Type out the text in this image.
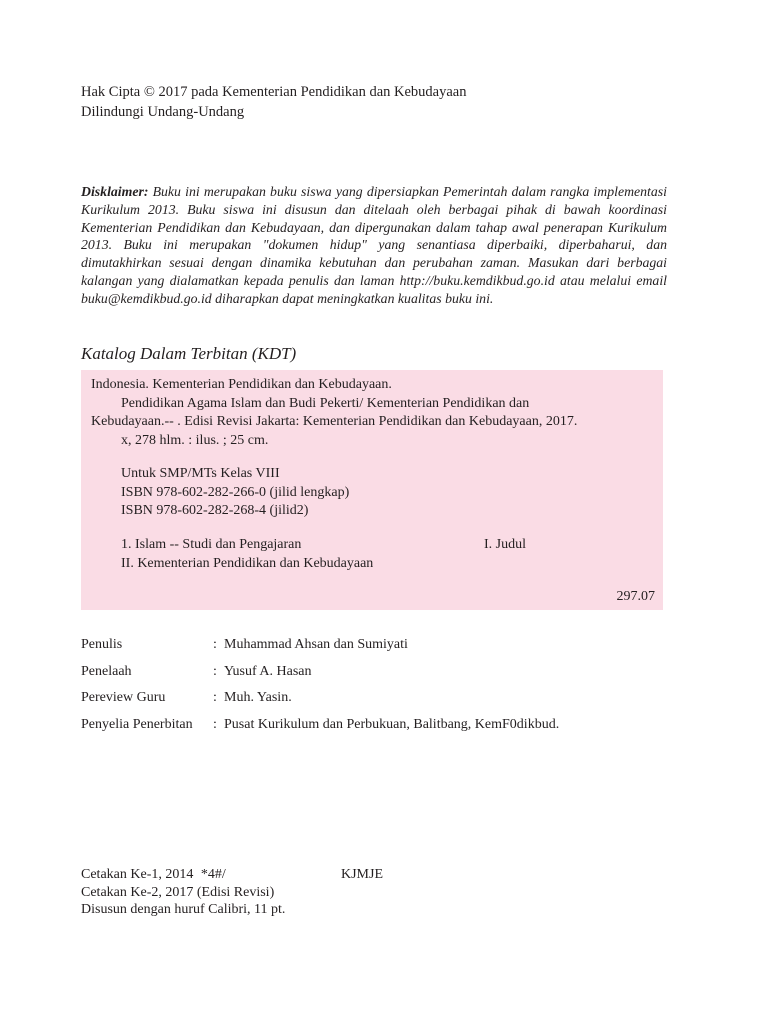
Hak Cipta © 2017 pada Kementerian Pendidikan dan Kebudayaan
Dilindungi Undang-Undang
Disklaimer: Buku ini merupakan buku siswa yang dipersiapkan Pemerintah dalam rangka implementasi Kurikulum 2013. Buku siswa ini disusun dan ditelaah oleh berbagai pihak di bawah koordinasi Kementerian Pendidikan dan Kebudayaan, dan dipergunakan dalam tahap awal penerapan Kurikulum 2013. Buku ini merupakan "dokumen hidup" yang senantiasa diperbaiki, diperbaharui, dan dimutakhirkan sesuai dengan dinamika kebutuhan dan perubahan zaman. Masukan dari berbagai kalangan yang dialamatkan kepada penulis dan laman http://buku.kemdikbud.go.id atau melalui email buku@kemdikbud.go.id diharapkan dapat meningkatkan kualitas buku ini.
Katalog Dalam Terbitan (KDT)
Indonesia. Kementerian Pendidikan dan Kebudayaan.
Pendidikan Agama Islam dan Budi Pekerti/ Kementerian Pendidikan dan
Kebudayaan.-- . Edisi Revisi Jakarta: Kementerian Pendidikan dan Kebudayaan, 2017.
x, 278 hlm. : ilus. ; 25 cm.
Untuk SMP/MTs Kelas VIII
ISBN 978-602-282-266-0 (jilid lengkap)
ISBN 978-602-282-268-4 (jilid2)
1. Islam -- Studi dan Pengajaran	I. Judul
II. Kementerian Pendidikan dan Kebudayaan
297.07
Penulis	: Muhammad Ahsan dan Sumiyati
Penelaah	: Yusuf A. Hasan
Pereview Guru	: Muh. Yasin.
Penyelia Penerbitan : Pusat Kurikulum dan Perbukuan, Balitbang, KemF0dikbud.
Cetakan Ke-1, 2014 *4#/	KJMJE
Cetakan Ke-2, 2017 (Edisi Revisi)
Disusun dengan huruf Calibri, 11 pt.
